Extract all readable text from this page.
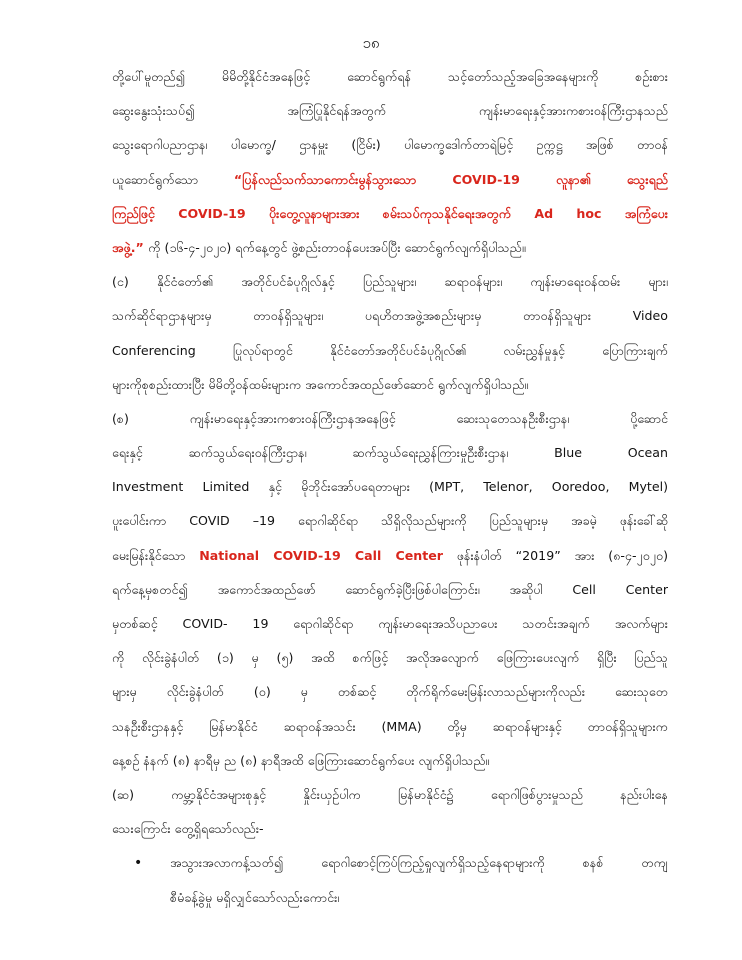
၁၈
တို့ပေါ်မူတည်၍ မိမိတို့နိုင်ငံအနေဖြင့် ဆောင်ရွက်ရန် သင့်တော်သည့်အခြေအနေများကို စဉ်းစား
ဆွေးနွေးသုံးသပ်၍ အကြံပြုနိုင်ရန်အတွက် ကျန်းမာရေးနှင့်အားကစားဝန်ကြီးဌာနသည်
သွေးရောဂါပညာဌာန၊ ပါမောက္ခ/ ဌာနမှူး (ငြိမ်း) ပါမောက္ခဒေါက်တာရဲမြင့် ဥက္ကဋ္ဌ အဖြစ် တာဝန်
ယူဆောင်ရွက်သော “ပြန်လည်သက်သာကောင်းမွန်သွားသော COVID-19 လူနာ၏ သွေးရည်
ကြည်ဖြင့် COVID-19 ပိုးတွေ့လူနာများအား စမ်းသပ်ကုသနိုင်ရေးအတွက် Ad hoc အကြံပေး
အဖွဲ့.” ကို (၁၆-၄-၂၀၂၀) ရက်နေ့တွင် ဖွဲ့စည်းတာဝန်ပေးအပ်ပြီး ဆောင်ရွက်လျက်ရှိပါသည်။
(င) နိုင်ငံတော်၏ အတိုင်ပင်ခံပုဂ္ဂိုလ်နှင့် ပြည်သူများ၊ ဆရာဝန်များ၊ ကျန်းမာရေးဝန်ထမ်း များ၊
သက်ဆိုင်ရာဌာနများမှ တာဝန်ရှိသူများ၊ ပရဟိတအဖွဲ့အစည်းများမှ တာဝန်ရှိသူများ Video
Conferencing ပြုလုပ်ရာတွင် နိုင်ငံတော်အတိုင်ပင်ခံပုဂ္ဂိုလ်၏ လမ်းညွှန်မှုနှင့် ပြောကြားချက်
များကိုစုစည်းထားပြီး မိမိတို့ဝန်ထမ်းများက အကောင်အထည်ဖော်ဆောင် ရွက်လျက်ရှိပါသည်။
(စ) ကျန်းမာရေးနှင့်အားကစားဝန်ကြီးဌာနအနေဖြင့် ဆေးသုတေသနဦးစီးဌာန၊ ပို့ဆောင်
ရေးနှင့် ဆက်သွယ်ရေးဝန်ကြီးဌာန၊ ဆက်သွယ်ရေးညွှန်ကြားမှုဦးစီးဌာန၊ Blue Ocean
Investment Limited နှင့် မိုဘိုင်းအော်ပရေတာများ (MPT, Telenor, Ooredoo, Mytel)
ပူးပေါင်းကာ COVID –19 ရောဂါဆိုင်ရာ သိရှိလိုသည်များကို ပြည်သူများမှ အခမဲ့ ဖုန်းခေါ်ဆို
မေးမြန်းနိုင်သော National COVID-19 Call Center ဖုန်းနံပါတ် “2019” အား (၈-၄-၂၀၂၀)
ရက်နေ့မှစတင်၍ အကောင်အထည်ဖော် ဆောင်ရွက်ခဲ့ပြီးဖြစ်ပါကြောင်း၊ အဆိုပါ Cell Center
မှတစ်ဆင့် COVID- 19 ရောဂါဆိုင်ရာ ကျန်းမာရေးအသိပညာပေး သတင်းအချက် အလက်များ
ကို လိုင်းခွဲနံပါတ် (၁) မှ (၅) အထိ စက်ဖြင့် အလိုအလျောက် ဖြေကြားပေးလျက် ရှိပြီး ပြည်သူ
များမှ လိုင်းခွဲနံပါတ် (၀) မှ တစ်ဆင့် တိုက်ရိုက်မေးမြန်းလာသည်များကိုလည်း ဆေးသုတေ
သနဦးစီးဌာနနှင့် မြန်မာနိုင်ငံ ဆရာဝန်အသင်း (MMA) တို့မှ ဆရာဝန်များနှင့် တာဝန်ရှိသူများက
နေ့စဉ် နံနက် (၈) နာရီမှ ည (၈) နာရီအထိ ဖြေကြားဆောင်ရွက်ပေး လျက်ရှိပါသည်။
(ဆ) ကမ္ဘာ့နိုင်ငံအများစုနှင့် နှိုင်းယှဉ်ပါက မြန်မာနိုင်ငံ၌ ရောဂါဖြစ်ပွားမှုသည် နည်းပါးနေ
သေးကြောင်း တွေ့ရှိရသော်လည်း-
•	အသွားအလာကန့်သတ်၍ ရောဂါစောင့်ကြပ်ကြည့်ရှုလျက်ရှိသည့်နေရာများကို စနစ် တကျ
စီမံခန့်ခွဲမှု မရှိလျှင်သော်လည်းကောင်း၊
